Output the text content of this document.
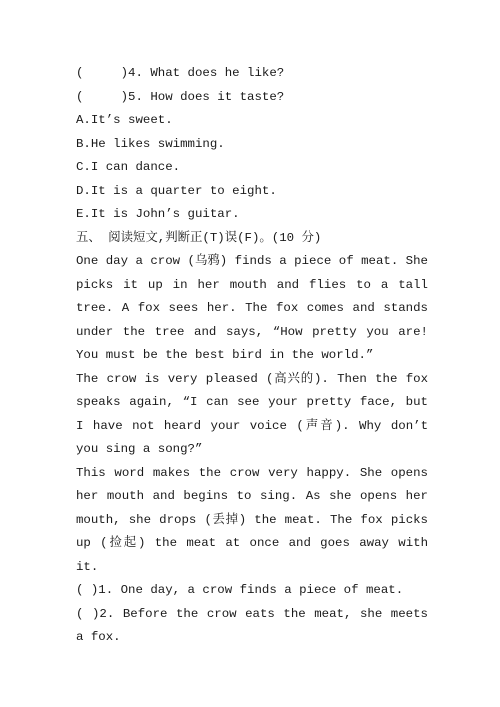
(     )4. What does he like?
(     )5. How does it taste?
A.It’s sweet.
B.He likes swimming.
C.I can dance.
D.It is a quarter to eight.
E.It is John’s guitar.
五、 阅读短文,判断正(T)误(F)。(10 分)
One day a crow (乌鸦) finds a piece of meat. She picks it up in her mouth and flies to a tall tree. A fox sees her. The fox comes and stands under the tree and says, “How pretty you are! You must be the best bird in the world.”
The crow is very pleased (高兴的). Then the fox speaks again, “I can see your pretty face, but I have not heard your voice (声音). Why don’t you sing a song?”
This word makes the crow very happy. She opens her mouth and begins to sing. As she opens her mouth, she drops (丢掉) the meat. The fox picks up (捡起) the meat at once and goes away with it.
( )1. One day, a crow finds a piece of meat.
( )2. Before the crow eats the meat, she meets a fox.
